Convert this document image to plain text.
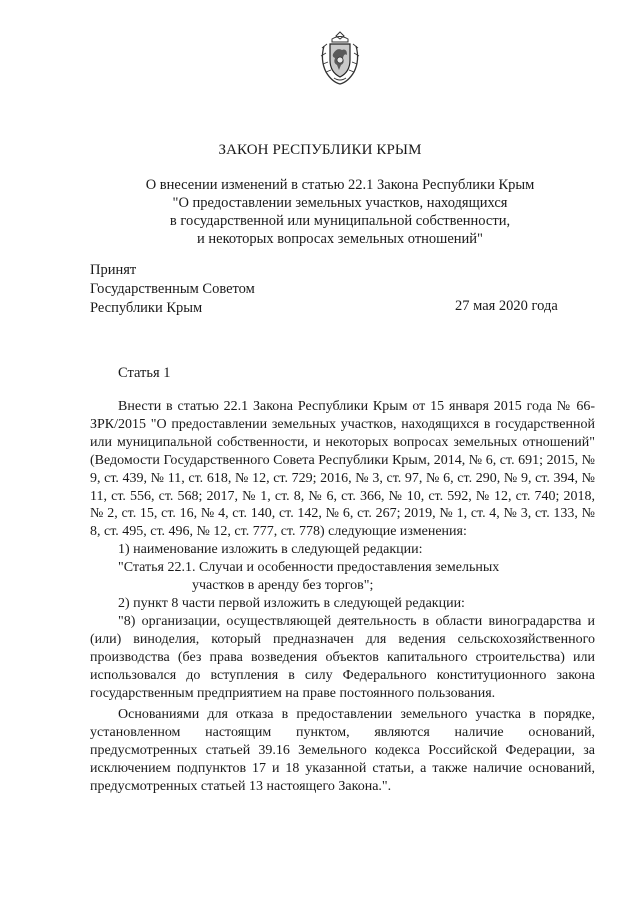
ЗАКОН РЕСПУБЛИКИ КРЫМ
О внесении изменений в статью 22.1 Закона Республики Крым
"О предоставлении земельных участков, находящихся
в государственной или муниципальной собственности,
и некоторых вопросах земельных отношений"
Принят
Государственным Советом
Республики Крым	27 мая 2020 года
Статья 1

Внести в статью 22.1 Закона Республики Крым от 15 января 2015 года № 66-ЗРК/2015 "О предоставлении земельных участков, находящихся в государственной или муниципальной собственности, и некоторых вопросах земельных отношений" (Ведомости Государственного Совета Республики Крым, 2014, № 6, ст. 691; 2015, № 9, ст. 439, № 11, ст. 618, № 12, ст. 729; 2016, № 3, ст. 97, № 6, ст. 290, № 9, ст. 394, № 11, ст. 556, ст. 568; 2017, № 1, ст. 8, № 6, ст. 366, № 10, ст. 592, № 12, ст. 740; 2018, № 2, ст. 15, ст. 16, № 4, ст. 140, ст. 142, № 6, ст. 267; 2019, № 1, ст. 4, № 3, ст. 133, № 8, ст. 495, ст. 496, № 12, ст. 777, ст. 778) следующие изменения:

1) наименование изложить в следующей редакции:

"Статья 22.1. Случаи и особенности предоставления земельных

участков в аренду без торгов";

2) пункт 8 части первой изложить в следующей редакции:

"8) организации, осуществляющей деятельность в области виноградарства и (или) виноделия, который предназначен для ведения сельскохозяйственного производства (без права возведения объектов капитального строительства) или использовался до вступления в силу Федерального конституционного закона государственным предприятием на праве постоянного пользования.

Основаниями для отказа в предоставлении земельного участка в порядке, установленном настоящим пунктом, являются наличие оснований, предусмотренных статьей 39.16 Земельного кодекса Российской Федерации, за исключением подпунктов 17 и 18 указанной статьи, а также наличие оснований, предусмотренных статьей 13 настоящего Закона.".
